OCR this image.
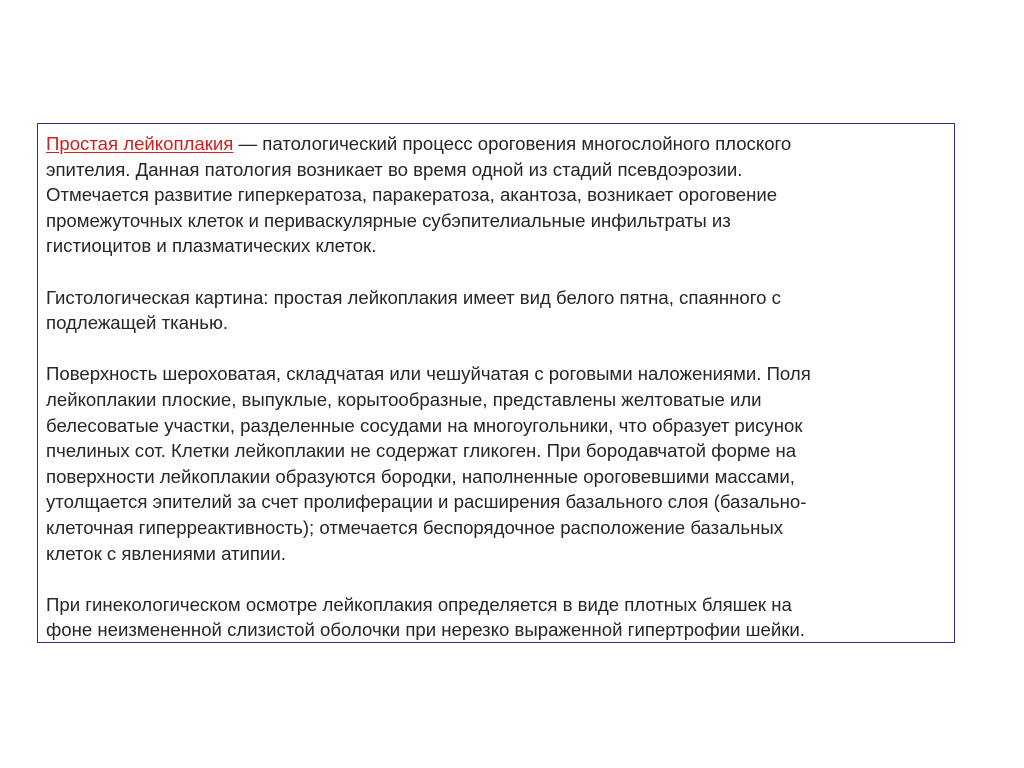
Простая лейкоплакия — патологический процесс ороговения многослойного плоского
эпителия. Данная патология возникает во время одной из стадий псевдоэрозии.
Отмечается развитие гиперкератоза, паракератоза, акантоза, возникает ороговение
промежуточных клеток и периваскулярные субэпителиальные инфильтраты из
гистиоцитов и плазматических клеток.

Гистологическая картина: простая лейкоплакия имеет вид белого пятна, спаянного с
подлежащей тканью.

Поверхность шероховатая, складчатая или чешуйчатая с роговыми наложениями. Поля
лейкоплакии плоские, выпуклые, корытообразные, представлены желтоватые или
белесоватые участки, разделенные сосудами на многоугольники, что образует рисунок
пчелиных сот. Клетки лейкоплакии не содержат гликоген. При бородавчатой форме на
поверхности лейкоплакии образуются бородки, наполненные ороговевшими массами,
утолщается эпителий за счет пролиферации и расширения базального слоя (базально-
клеточная гиперреактивность); отмечается беспорядочное расположение базальных
клеток с явлениями атипии.

При гинекологическом осмотре лейкоплакия определяется в виде плотных бляшек на
фоне неизмененной слизистой оболочки при нерезко выраженной гипертрофии шейки.
